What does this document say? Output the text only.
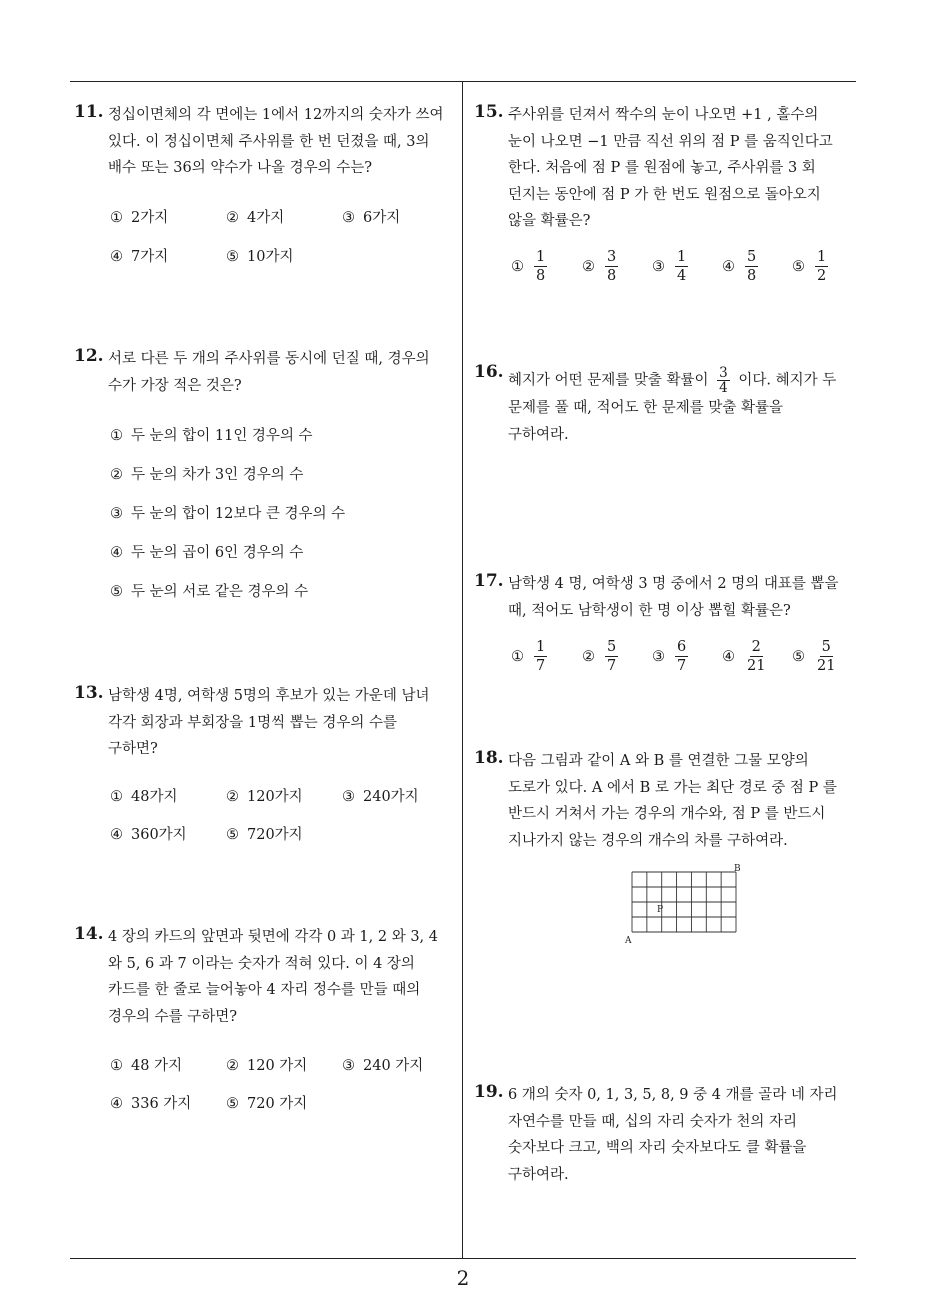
11. 정십이면체의 각 면에는 1에서 12까지의 숫자가 쓰여
있다. 이 정십이면체 주사위를 한 번 던졌을 때, 3의
배수 또는 36의 약수가 나올 경우의 수는?
① 2가지	② 4가지	③ 6가지
④ 7가지	⑤ 10가지
12. 서로 다른 두 개의 주사위를 동시에 던질 때, 경우의
수가 가장 적은 것은?
① 두 눈의 합이 11인 경우의 수
② 두 눈의 차가 3인 경우의 수
③ 두 눈의 합이 12보다 큰 경우의 수
④ 두 눈의 곱이 6인 경우의 수
⑤ 두 눈의 서로 같은 경우의 수
13. 남학생 4명, 여학생 5명의 후보가 있는 가운데 남녀
각각 회장과 부회장을 1명씩 뽑는 경우의 수를
구하면?
① 48가지	② 120가지	③ 240가지
④ 360가지	⑤ 720가지
14. 4 장의 카드의 앞면과 뒷면에 각각 0 과 1, 2 와 3, 4
와 5, 6 과 7 이라는 숫자가 적혀 있다. 이 4 장의
카드를 한 줄로 늘어놓아 4 자리 정수를 만들 때의
경우의 수를 구하면?
① 48 가지	② 120 가지 ③ 240 가지
④ 336 가지 ⑤ 720 가지
15. 주사위를 던져서 짝수의 눈이 나오면 +1 , 홀수의
눈이 나오면 −1 만큼 직선 위의 점 P 를 움직인다고
한다. 처음에 점 P 를 원점에 놓고, 주사위를 3 회
던지는 동안에 점 P 가 한 번도 원점으로 돌아오지
않을 확률은?
① $\frac{1}{8}$ ② $\frac{3}{8}$ ③ $\frac{1}{4}$ ④ $\frac{5}{8}$ ⑤ $\frac{1}{2}$
16. 혜지가 어떤 문제를 맞출 확률이 $\frac{3}{4}$ 이다. 혜지가 두
문제를 풀 때, 적어도 한 문제를 맞출 확률을
구하여라.
17. 남학생 4 명, 여학생 3 명 중에서 2 명의 대표를 뽑을
때, 적어도 남학생이 한 명 이상 뽑힐 확률은?
① $\frac{1}{7}$ ② $\frac{5}{7}$ ③ $\frac{6}{7}$ ④ $\frac{2}{21}$ ⑤ $\frac{5}{21}$
18. 다음 그림과 같이 A 와 B 를 연결한 그물 모양의
도로가 있다. A 에서 B 로 가는 최단 경로 중 점 P 를
반드시 거쳐서 가는 경우의 개수와, 점 P 를 반드시
지나가지 않는 경우의 개수의 차를 구하여라.
B
A
P
19. 6 개의 숫자 0, 1, 3, 5, 8, 9 중 4 개를 골라 네 자리
자연수를 만들 때, 십의 자리 숫자가 천의 자리
숫자보다 크고, 백의 자리 숫자보다도 클 확률을
구하여라.
2
